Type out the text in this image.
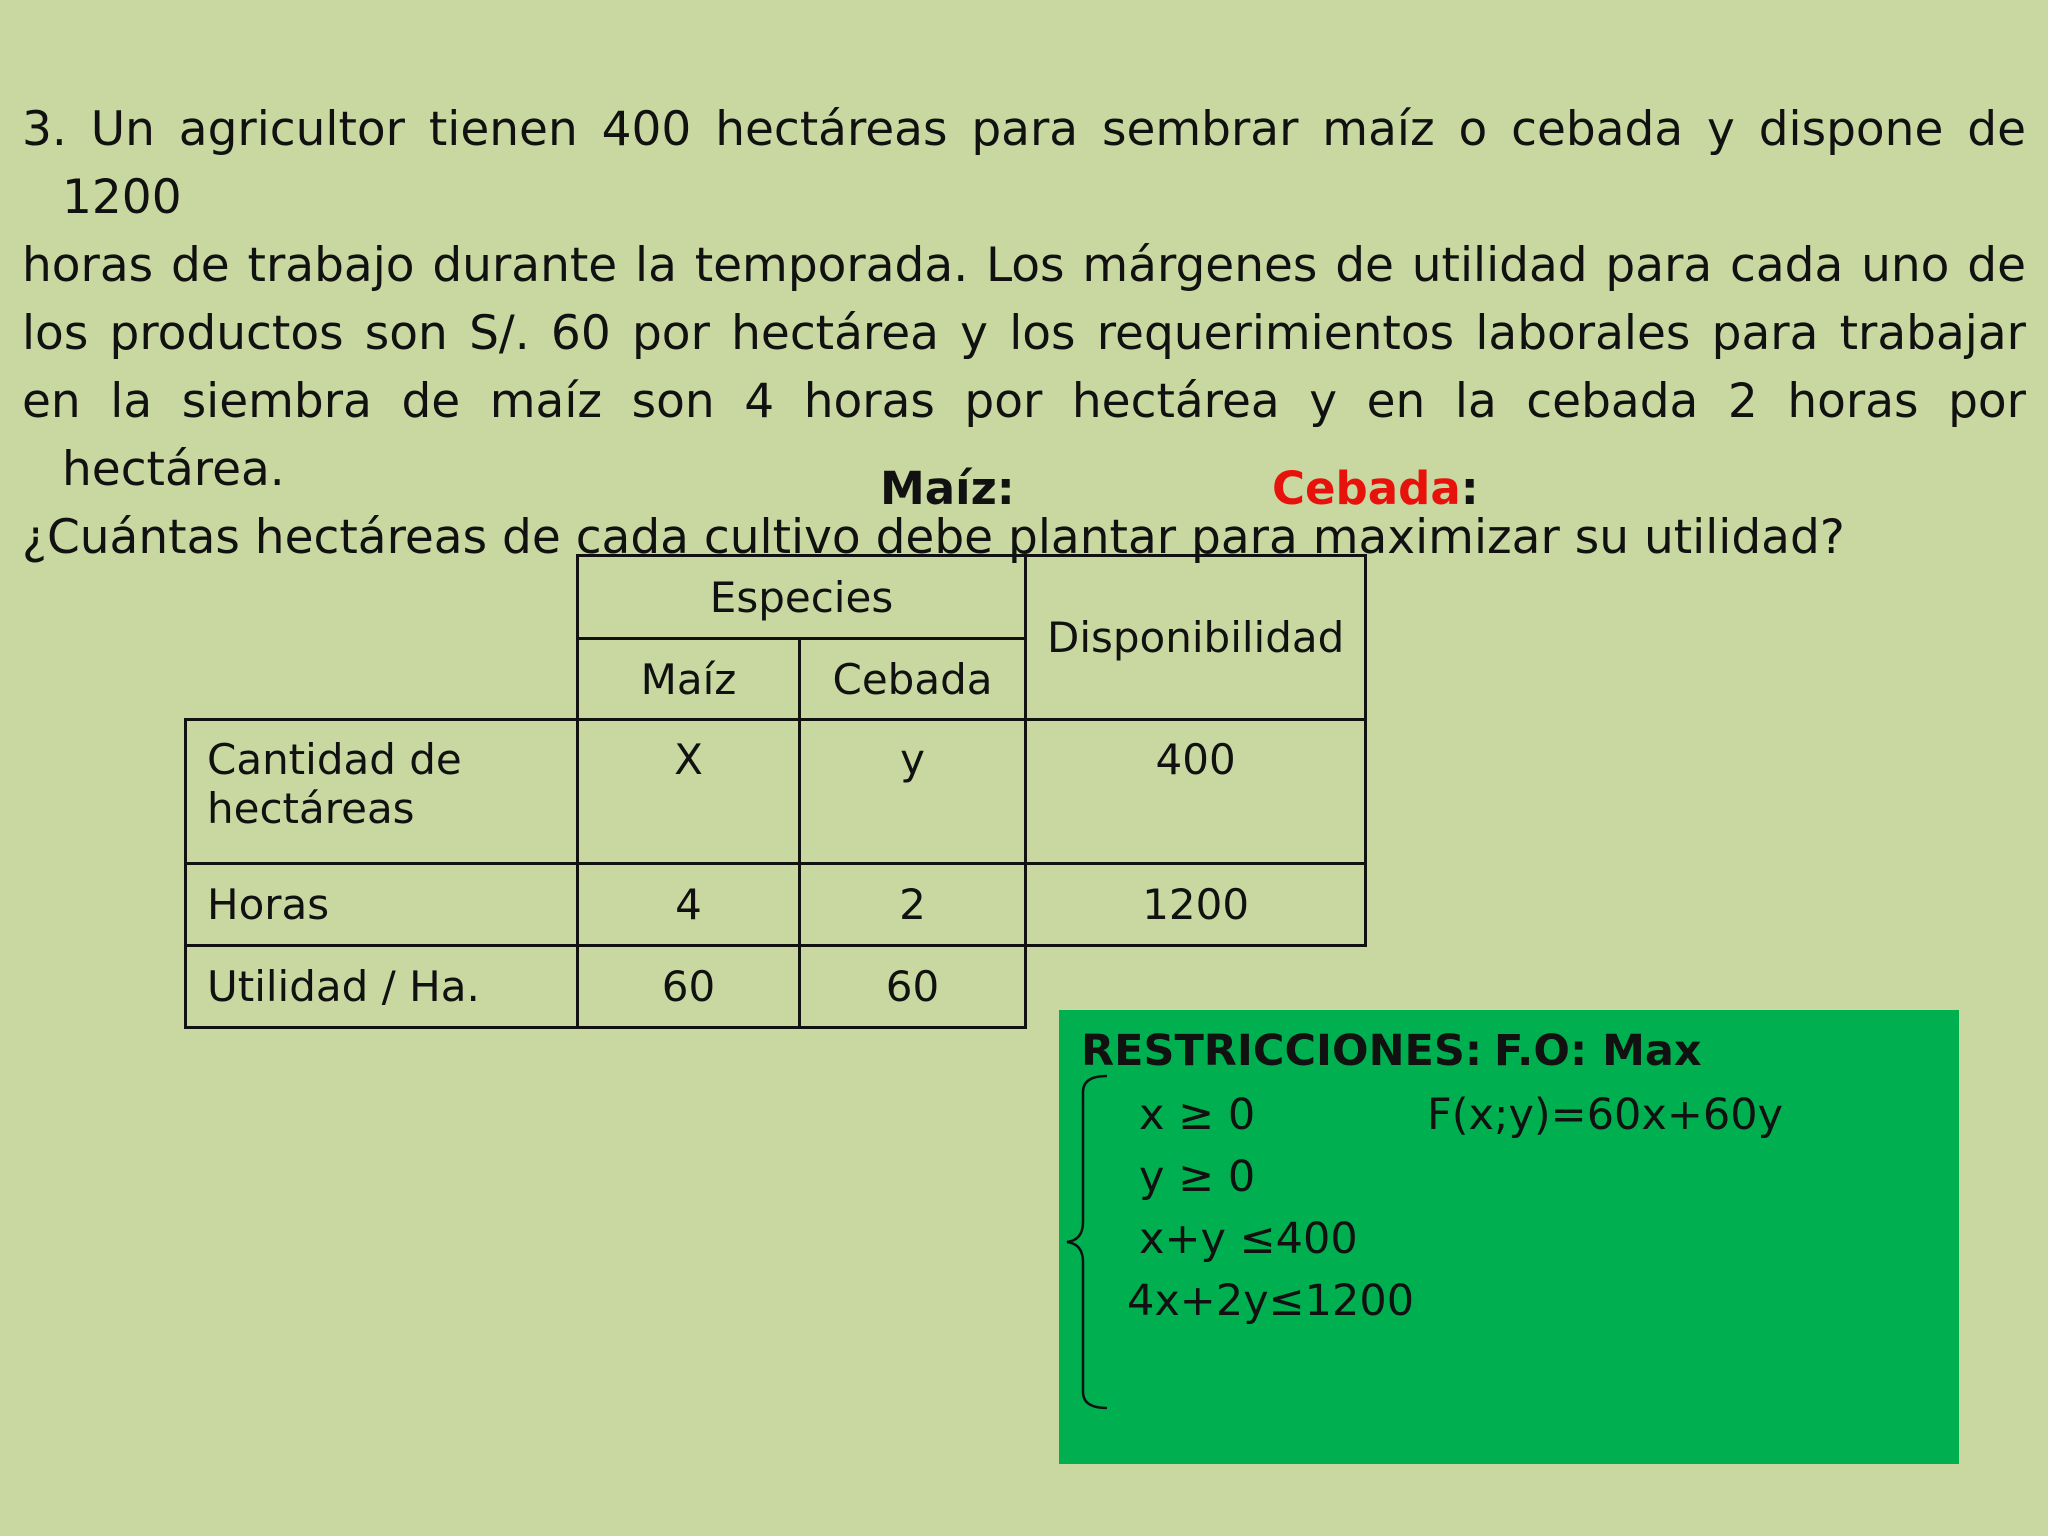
3. Un agricultor tienen 400 hectáreas para sembrar maíz o cebada y dispone de 1200
horas de trabajo durante la temporada. Los márgenes de utilidad para cada uno de
los productos son S/. 60 por hectárea y los requerimientos laborales para trabajar
en la siembra de maíz son 4 horas por hectárea y en la cebada 2 horas por hectárea.
¿Cuántas hectáreas de cada cultivo debe plantar para maximizar su utilidad?
Maíz:	Cebada:
	Especies		Disponibilidad
	Maíz	Cebada	
Cantidad de hectáreas	X	y	400
Horas	4	2	1200
Utilidad / Ha.	60	60	
RESTRICCIONES: F.O: Max
F(x;y)=60x+60y
x ≥ 0
y ≥ 0
x+y ≤400
4x+2y≤1200
